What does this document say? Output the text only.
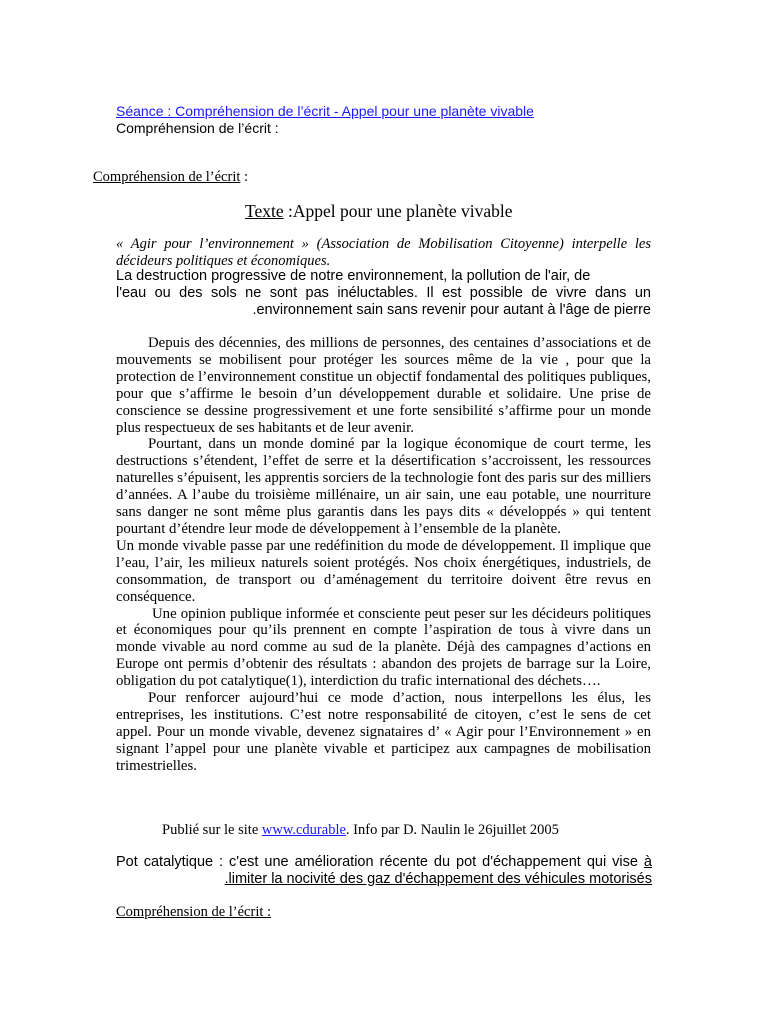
Séance : Compréhension de l’écrit - Appel pour une planète vivable
Compréhension de l’écrit :
Compréhension de l’écrit :
Texte :Appel pour une planète vivable
« Agir pour l’environnement » (Association de Mobilisation Citoyenne) interpelle les décideurs politiques et économiques.
La destruction progressive de notre environnement, la pollution de l'air, de
l'eau ou des sols ne sont pas inéluctables. Il est possible de vivre dans un
.environnement sain sans revenir pour autant à l'âge de pierre

Depuis des décennies, des millions de personnes, des centaines d’associations et de mouvements se mobilisent pour protéger les sources même de la vie , pour que la protection de l’environnement constitue un objectif fondamental des politiques publiques, pour que s’affirme le besoin d’un développement durable et solidaire. Une prise de conscience se dessine progressivement et une forte sensibilité s’affirme pour un monde plus respectueux de ses habitants et de leur avenir.

Pourtant, dans un monde dominé par la logique économique de court terme, les destructions s’étendent, l’effet de serre et la désertification s’accroissent, les ressources naturelles s’épuisent, les apprentis sorciers de la technologie font des paris sur des milliers d’années. A l’aube du troisième millénaire, un air sain, une eau potable, une nourriture sans danger ne sont même plus garantis dans les pays dits « développés » qui tentent pourtant d’étendre leur mode de développement à l’ensemble de la planète.

Un monde vivable passe par une redéfinition du mode de développement. Il implique que l’eau, l’air, les milieux naturels soient protégés. Nos choix énergétiques, industriels, de consommation, de transport ou d’aménagement du territoire doivent être revus en conséquence.

Une opinion publique informée et consciente peut peser sur les décideurs politiques et économiques pour qu’ils prennent en compte l’aspiration de tous à vivre dans un monde vivable au nord comme au sud de la planète. Déjà des campagnes d’actions en Europe ont permis d’obtenir des résultats : abandon des projets de barrage sur la Loire, obligation du pot catalytique(1), interdiction du trafic international des déchets….

Pour renforcer aujourd’hui ce mode d’action, nous interpellons les élus, les entreprises, les institutions. C’est notre responsabilité de citoyen, c’est le sens de cet appel. Pour un monde vivable, devenez signataires d’ « Agir pour l’Environnement » en signant l’appel pour une planète vivable et participez aux campagnes de mobilisation trimestrielles.

Publié sur le site www.cdurable. Info par D. Naulin le 26juillet 2005
Pot catalytique : c'est une amélioration récente du pot d'échappement qui vise à
.limiter la nocivité des gaz d'échappement des véhicules motorisés
Compréhension de l’écrit :
